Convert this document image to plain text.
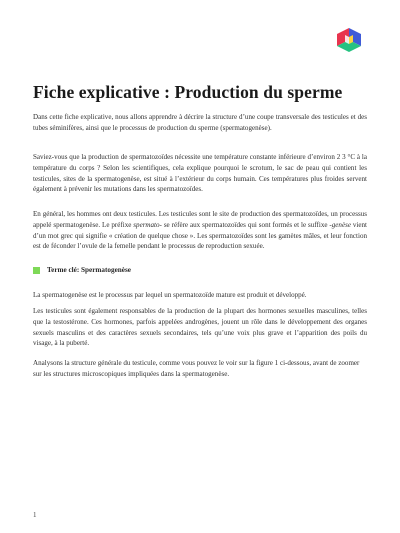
Fiche explicative : Production du sperme

Dans cette fiche explicative, nous allons apprendre à décrire la structure d’une coupe transversale des testicules et des tubes séminifères, ainsi que le processus de production du sperme (spermatogenèse).

Saviez-vous que la production de spermatozoïdes nécessite une température constante inférieure d’environ 2 3 °C à la température du corps ? Selon les scientifiques, cela explique pourquoi le scrotum, le sac de peau qui contient les testicules, sites de la spermatogenèse, est situé à l’extérieur du corps humain. Ces températures plus froides servent également à prévenir les mutations dans les spermatozoïdes.

En général, les hommes ont deux testicules. Les testicules sont le site de production des spermatozoïdes, un processus appelé spermatogenèse. Le préfixe spermato- se réfère aux spermatozoïdes qui sont formés et le suffixe -genèse vient d’un mot grec qui signifie « création de quelque chose ». Les spermatozoïdes sont les gamètes mâles, et leur fonction est de féconder l’ovule de la femelle pendant le processus de reproduction sexuée.

Terme clé: Spermatogenèse

La spermatogenèse est le processus par lequel un spermatozoïde mature est produit et développé.

Les testicules sont également responsables de la production de la plupart des hormones sexuelles masculines, telles que la testostérone. Ces hormones, parfois appelées androgènes, jouent un rôle dans le développement des organes sexuels masculins et des caractères sexuels secondaires, tels qu’une voix plus grave et l’apparition des poils du visage, à la puberté.

Analysons la structure générale du testicule, comme vous pouvez le voir sur la figure 1 ci-dessous, avant de zoomer sur les structures microscopiques impliquées dans la spermatogenèse.

1
